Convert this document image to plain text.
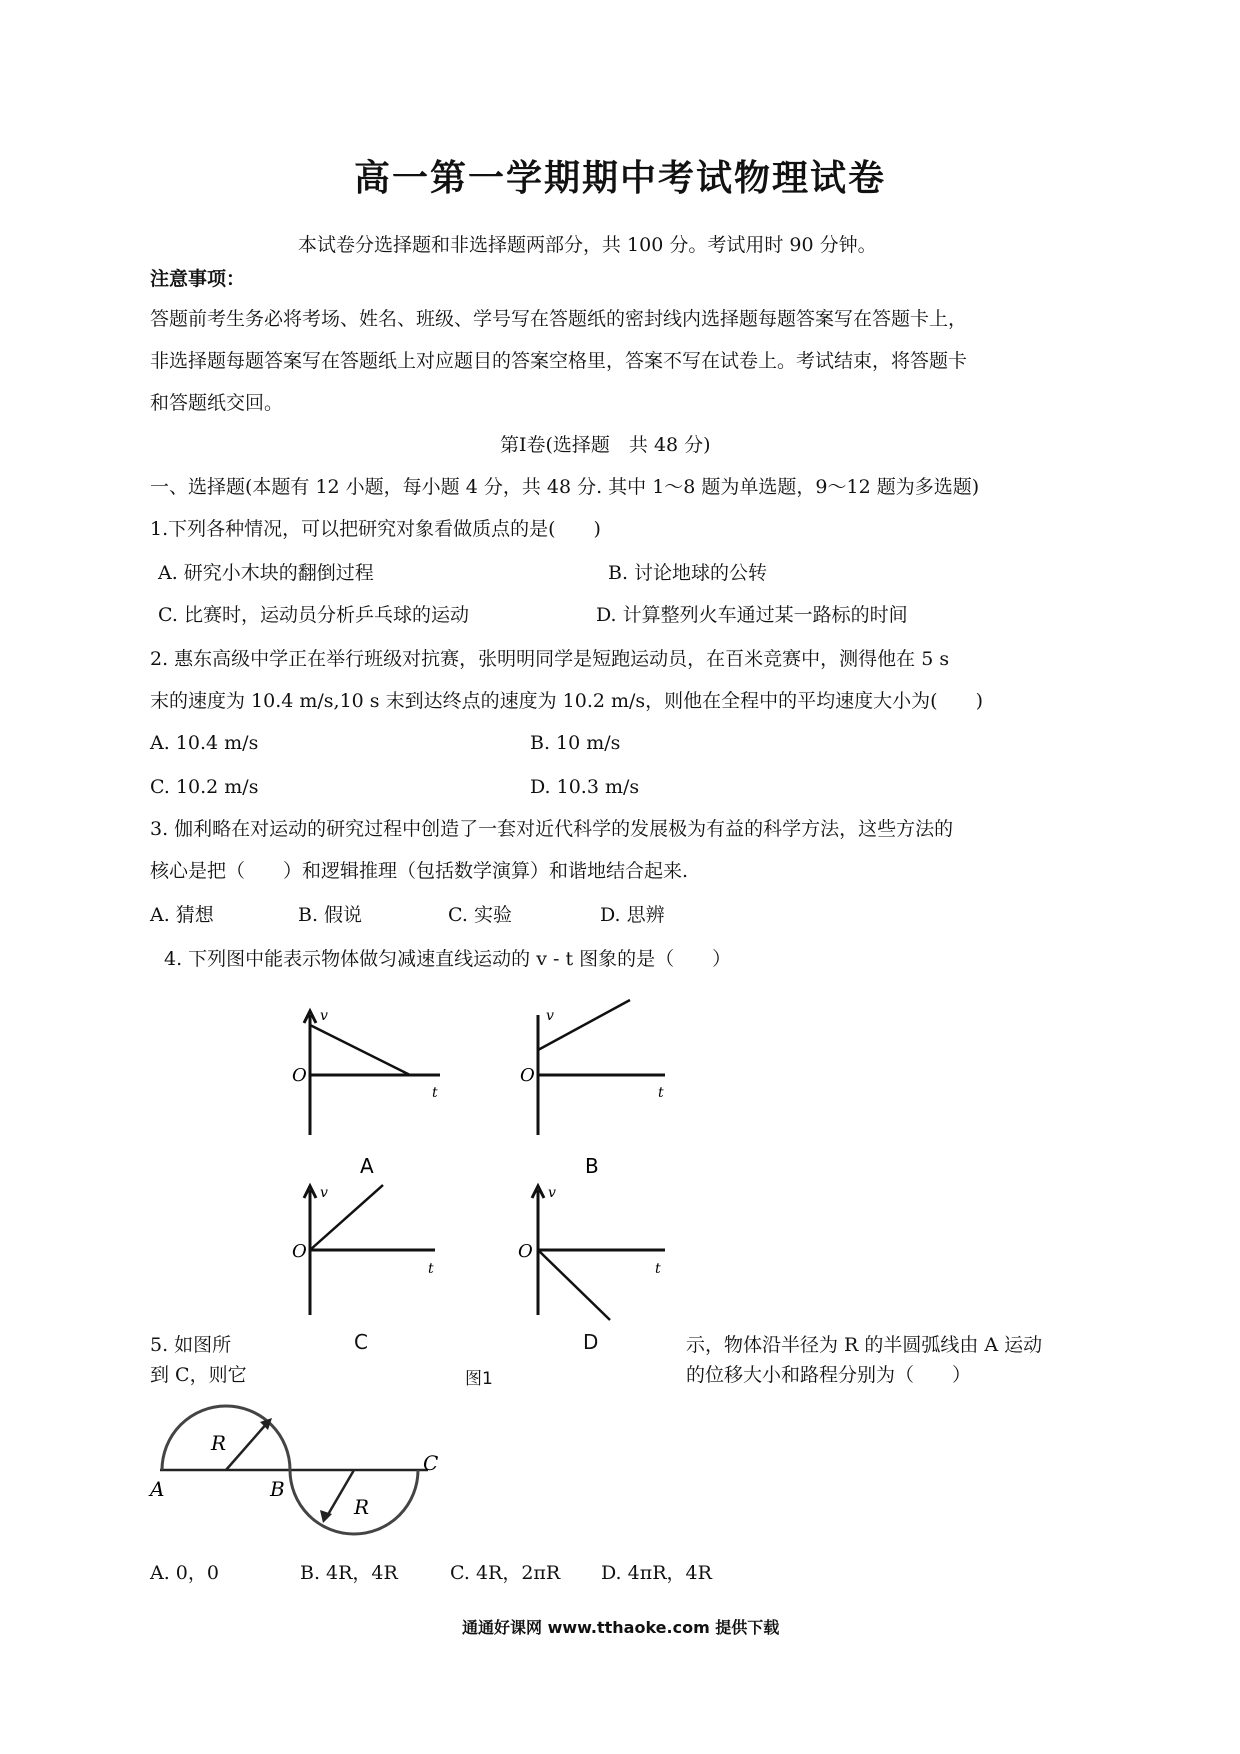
高一第一学期期中考试物理试卷
本试卷分选择题和非选择题两部分，共 100 分。考试用时 90 分钟。
注意事项：
答题前考生务必将考场、姓名、班级、学号写在答题纸的密封线内选择题每题答案写在答题卡上，
非选择题每题答案写在答题纸上对应题目的答案空格里，答案不写在试卷上。考试结束，将答题卡
和答题纸交回。
第Ⅰ卷(选择题　共 48 分)
一、选择题(本题有 12 小题，每小题 4 分，共 48 分. 其中 1～8 题为单选题，9～12 题为多选题)
1.下列各种情况，可以把研究对象看做质点的是(　　)
A. 研究小木块的翻倒过程	B. 讨论地球的公转
C. 比赛时，运动员分析乒乓球的运动	D. 计算整列火车通过某一路标的时间
2. 惠东高级中学正在举行班级对抗赛，张明明同学是短跑运动员，在百米竞赛中，测得他在 5 s
末的速度为 10.4 m/s,10 s 末到达终点的速度为 10.2 m/s，则他在全程中的平均速度大小为(　　)
A. 10.4 m/s	B. 10 m/s
C. 10.2 m/s	D. 10.3 m/s
3. 伽利略在对运动的研究过程中创造了一套对近代科学的发展极为有益的科学方法，这些方法的
核心是把（　　）和逻辑推理（包括数学演算）和谐地结合起来.
A. 猜想	B. 假说	C. 实验	D. 思辨
4. 下列图中能表示物体做匀减速直线运动的 v - t 图象的是（　　）
v
O
t
A
v
O
t
B
v
O
t
v
O
t
5. 如图所
到 C，则它
C	D
图1
示，物体沿半径为 R 的半圆弧线由 A 运动
的位移大小和路程分别为（　　）
R
R
A	B
C
A. 0，0	B. 4R，4R	C. 4R，2πR D. 4πR，4R
通通好课网 www.tthaoke.com 提供下载
